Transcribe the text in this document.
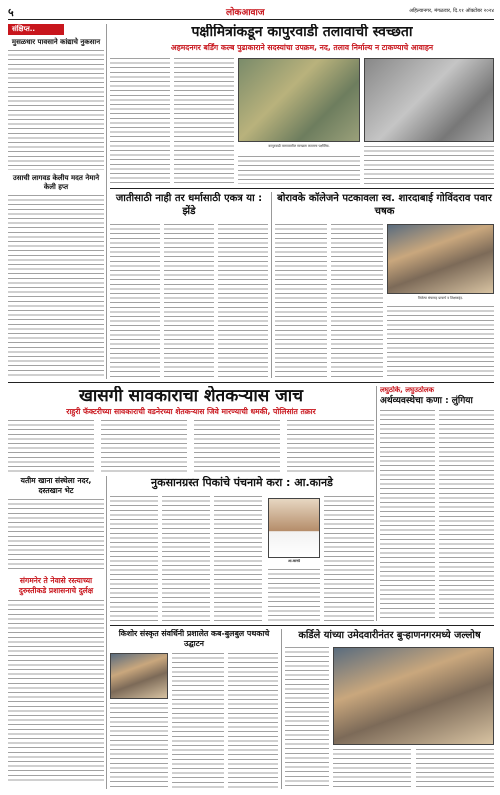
५	लोकआवाज	अहिल्यानगर, मंगळवार, दि.११ ऑक्टोबर २०२४
संक्षिप्त..
मुसळधार पावसाने कांद्याचे नुकसान
उसाची लागवड केलीय मदत नेमाने केली हप्त
पक्षीमित्रांकडून कापुरवाडी तलावाची स्वच्छता
अहमदनगर बर्डिंग कल्ब पुढाकाराने सदस्यांचा उपक्रम, नद, तलाव निर्माल्य न टाकण्याचे आवाहन
कापुरवाडी तलावावरील स्वच्छता करताना पक्षीमित्र.
जातीसाठी नाही तर धर्मासाठी एकत्र या : झेंडे
बोरावके कॉलेजने पटकावला स्व. शारदाबाई गोविंदराव पवार चषक
विजेत्या संघासह प्राचार्य व शिक्षकवृंद.
लघुठोके, लघुउठोलक
अर्थव्यवस्थेचा कणा : लुंगिया
खासगी सावकाराचा शेतकऱ्यास जाच
राहुरी फॅक्टरीच्या सावकाराची वडनेरच्या शेतकऱ्यास जिवे मारण्याची धमकी, पोलिसांत तक्रार
यतीम खाना संस्थेला नदर, दस्तखान भेट
संगमनेर ते नेवासे रस्त्याच्या दुरुस्तीकडे प्रशासनाचे दुर्लक्ष
नुकसानग्रस्त पिकांचे पंचनामे करा : आ.कानडे
आ.कानडे
किशोर संस्कृत संवर्धिनी प्रशालेत कब-बुलबुल पथकाचे उद्घाटन
कर्डिले यांच्या उमेदवारीनंतर बुऱ्हाणनगरमध्ये जल्लोष
